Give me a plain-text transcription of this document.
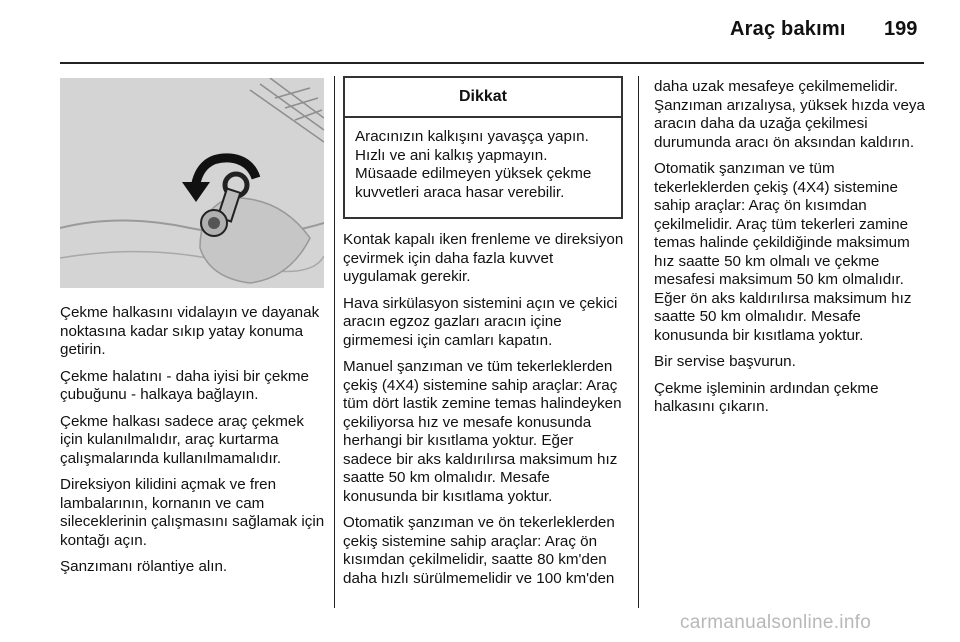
Araç bakımı 199

Çekme halkasını vidalayın ve dayanak noktasına kadar sıkıp yatay konuma getirin.

Çekme halatını - daha iyisi bir çekme çubuğunu - halkaya bağlayın.

Çekme halkası sadece araç çekmek için kulanılmalıdır, araç kurtarma çalışmalarında kullanılmamalıdır.

Direksiyon kilidini açmak ve fren lambalarının, kornanın ve cam sileceklerinin çalışmasını sağlamak için kontağı açın.

Şanzımanı rölantiye alın.

Dikkat
Aracınızın kalkışını yavaşça yapın. Hızlı ve ani kalkış yapmayın. Müsaade edilmeyen yüksek çekme kuvvetleri araca hasar verebilir.

Kontak kapalı iken frenleme ve direksiyon çevirmek için daha fazla kuvvet uygulamak gerekir.

Hava sirkülasyon sistemini açın ve çekici aracın egzoz gazları aracın içine girmemesi için camları kapatın.

Manuel şanzıman ve tüm tekerleklerden çekiş (4X4) sistemine sahip araçlar: Araç tüm dört lastik zemine temas halindeyken çekiliyorsa hız ve mesafe konusunda herhangi bir kısıtlama yoktur. Eğer sadece bir aks kaldırılırsa maksimum hız saatte 50 km olmalıdır. Mesafe konusunda bir kısıtlama yoktur.

Otomatik şanzıman ve ön tekerleklerden çekiş sistemine sahip araçlar: Araç ön kısımdan çekilmelidir, saatte 80 km'den daha hızlı sürülmemelidir ve 100 km'den

daha uzak mesafeye çekilmemelidir. Şanzıman arızalıysa, yüksek hızda veya aracın daha da uzağa çekilmesi durumunda aracı ön aksından kaldırın.

Otomatik şanzıman ve tüm tekerleklerden çekiş (4X4) sistemine sahip araçlar: Araç ön kısımdan çekilmelidir. Araç tüm tekerleri zamine temas halinde çekildiğinde maksimum hız saatte 50 km olmalı ve çekme mesafesi maksimum 50 km olmalıdır. Eğer ön aks kaldırılırsa maksimum hız saatte 50 km olmalıdır. Mesafe konusunda bir kısıtlama yoktur.

Bir servise başvurun.

Çekme işleminin ardından çekme halkasını çıkarın.

carmanualsonline.info
